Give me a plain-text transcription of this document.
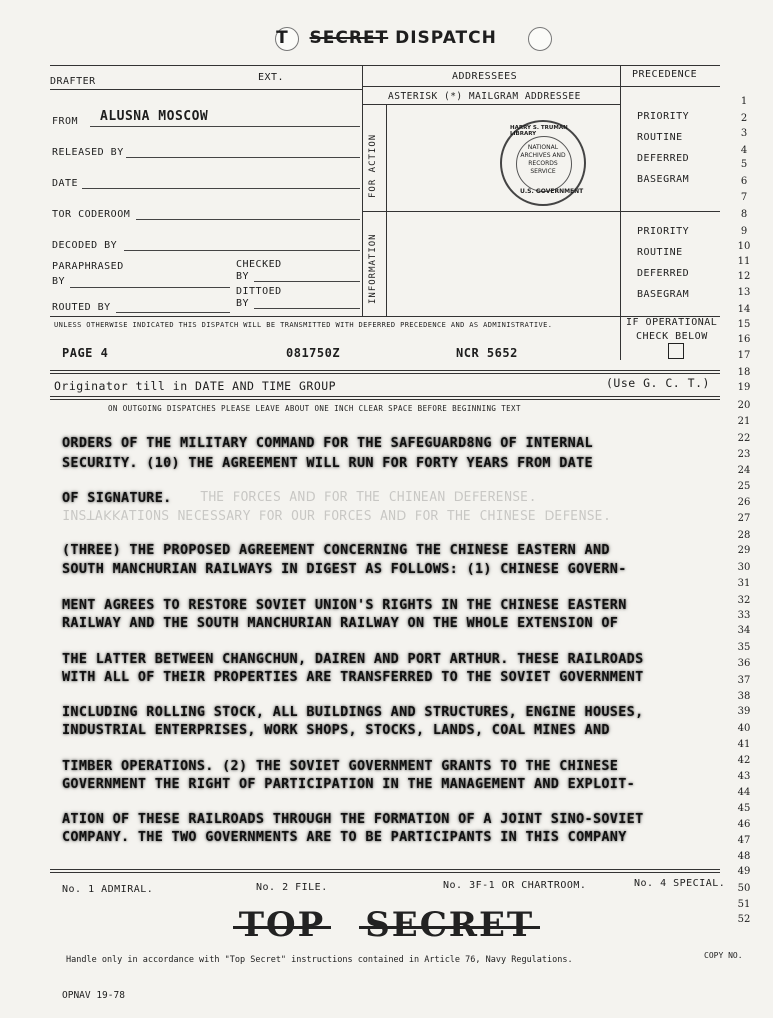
T SECRET DISPATCH
DRAFTER	EXT.	ADDRESSEES	PRECEDENCE
ASTERISK (*) MAILGRAM ADDRESSEE
FROM ALUSNA MOSCOW
RELEASED BY
DATE
TOR CODEROOM
DECODED BY
PARAPHRASED
BY
CHECKED
BY
DITTOED
BY
ROUTED BY
FOR ACTION
INFORMATION
HARRY S. TRUMAN LIBRARY
NATIONAL
ARCHIVES AND
RECORDS
SERVICE
U.S. GOVERNMENT
PRIORITY
ROUTINE
DEFERRED
BASEGRAM
PRIORITY
ROUTINE
DEFERRED
BASEGRAM
UNLESS OTHERWISE INDICATED THIS DISPATCH WILL BE TRANSMITTED WITH DEFERRED PRECEDENCE AND AS ADMINISTRATIVE.	IF OPERATIONAL
CHECK BELOW
PAGE 4	081750Z	NCR 5652
Originator till in DATE AND TIME GROUP	(Use G. C. T.)
ON OUTGOING DISPATCHES PLEASE LEAVE ABOUT ONE INCH CLEAR SPACE BEFORE BEGINNING TEXT
1
2
3
4
5
6
7
8
9
10
11
12
13
14
15
16
17
18
19
20
21
22
23
24
25
26
27
28
29
30
31
32
33
34
35
36
37
38
39
40
41
42
43
44
45
46
47
48
49
50
51
52
.ƎƧИƎЯƎꟻƎᗡ ИAƎИIHƆ ƎHT ЯOꟻ ᗡИA ƧƎƆЯOꟻ ƎHT
.ƎƧИƎꟻƎᗡ ƎƧƎИIHƆ ƎHT ЯOꟻ ᗡИA ƧƎƆЯOꟻ ЯUO ЯOꟻ YЯAƧƧƎƆƎИ ƧИOITAꓘꓘAꓕƧИI
ORDERS OF THE MILITARY COMMAND FOR THE SAFEGUARD8NG OF INTERNAL
SECURITY. (10) THE AGREEMENT WILL RUN FOR FORTY YEARS FROM DATE
OF SIGNATURE.
(THREE) THE PROPOSED AGREEMENT CONCERNING THE CHINESE EASTERN AND
SOUTH MANCHURIAN RAILWAYS IN DIGEST AS FOLLOWS: (1) CHINESE GOVERN-
MENT AGREES TO RESTORE SOVIET UNION'S RIGHTS IN THE CHINESE EASTERN
RAILWAY AND THE SOUTH MANCHURIAN RAILWAY ON THE WHOLE EXTENSION OF
THE LATTER BETWEEN CHANGCHUN, DAIREN AND PORT ARTHUR. THESE RAILROADS
WITH ALL OF THEIR PROPERTIES ARE TRANSFERRED TO THE SOVIET GOVERNMENT
INCLUDING ROLLING STOCK, ALL BUILDINGS AND STRUCTURES, ENGINE HOUSES,
INDUSTRIAL ENTERPRISES, WORK SHOPS, STOCKS, LANDS, COAL MINES AND
TIMBER OPERATIONS. (2) THE SOVIET GOVERNMENT GRANTS TO THE CHINESE
GOVERNMENT THE RIGHT OF PARTICIPATION IN THE MANAGEMENT AND EXPLOIT-
ATION OF THESE RAILROADS THROUGH THE FORMATION OF A JOINT SINO-SOVIET
COMPANY. THE TWO GOVERNMENTS ARE TO BE PARTICIPANTS IN THIS COMPANY
No. 1 ADMIRAL.	No. 2 FILE.	No. 3F-1 OR CHARTROOM.	No. 4 SPECIAL.
TOP SECRET
Handle only in accordance with "Top Secret" instructions contained in Article 76, Navy Regulations.	COPY NO.
OPNAV 19-78
